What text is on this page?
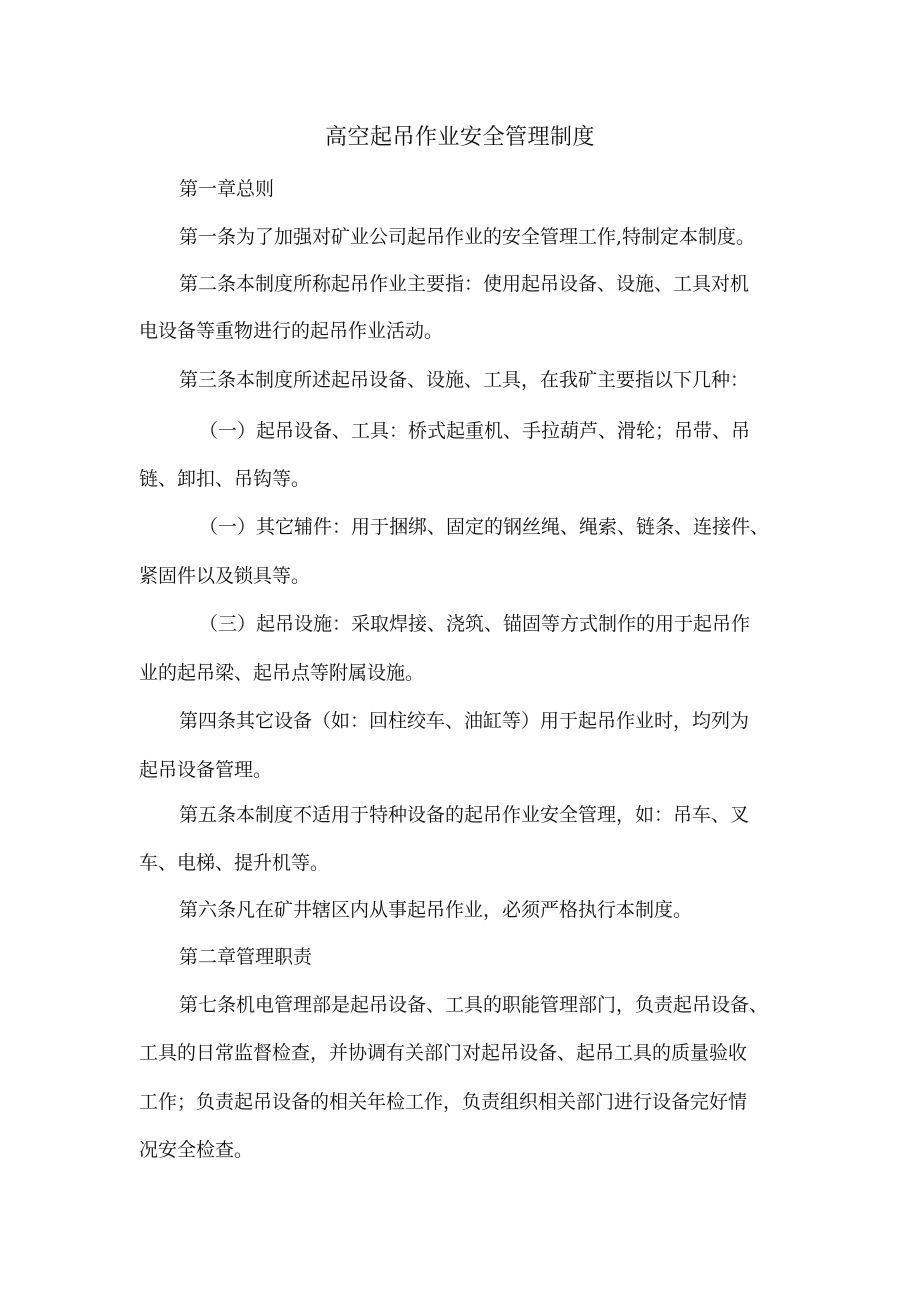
高空起吊作业安全管理制度
第一章总则
第一条为了加强对矿业公司起吊作业的安全管理工作,特制定本制度。
第二条本制度所称起吊作业主要指：使用起吊设备、设施、工具对机
电设备等重物进行的起吊作业活动。
第三条本制度所述起吊设备、设施、工具，在我矿主要指以下几种：
（一）起吊设备、工具：桥式起重机、手拉葫芦、滑轮；吊带、吊
链、卸扣、吊钩等。
（一）其它辅件：用于捆绑、固定的钢丝绳、绳索、链条、连接件、
紧固件以及锁具等。
（三）起吊设施：采取焊接、浇筑、锚固等方式制作的用于起吊作
业的起吊梁、起吊点等附属设施。
第四条其它设备（如：回柱绞车、油缸等）用于起吊作业时，均列为
起吊设备管理。
第五条本制度不适用于特种设备的起吊作业安全管理，如：吊车、叉
车、电梯、提升机等。
第六条凡在矿井辖区内从事起吊作业，必须严格执行本制度。
第二章管理职责
第七条机电管理部是起吊设备、工具的职能管理部门，负责起吊设备、
工具的日常监督检查，并协调有关部门对起吊设备、起吊工具的质量验收
工作；负责起吊设备的相关年检工作，负责组织相关部门进行设备完好情
况安全检查。
